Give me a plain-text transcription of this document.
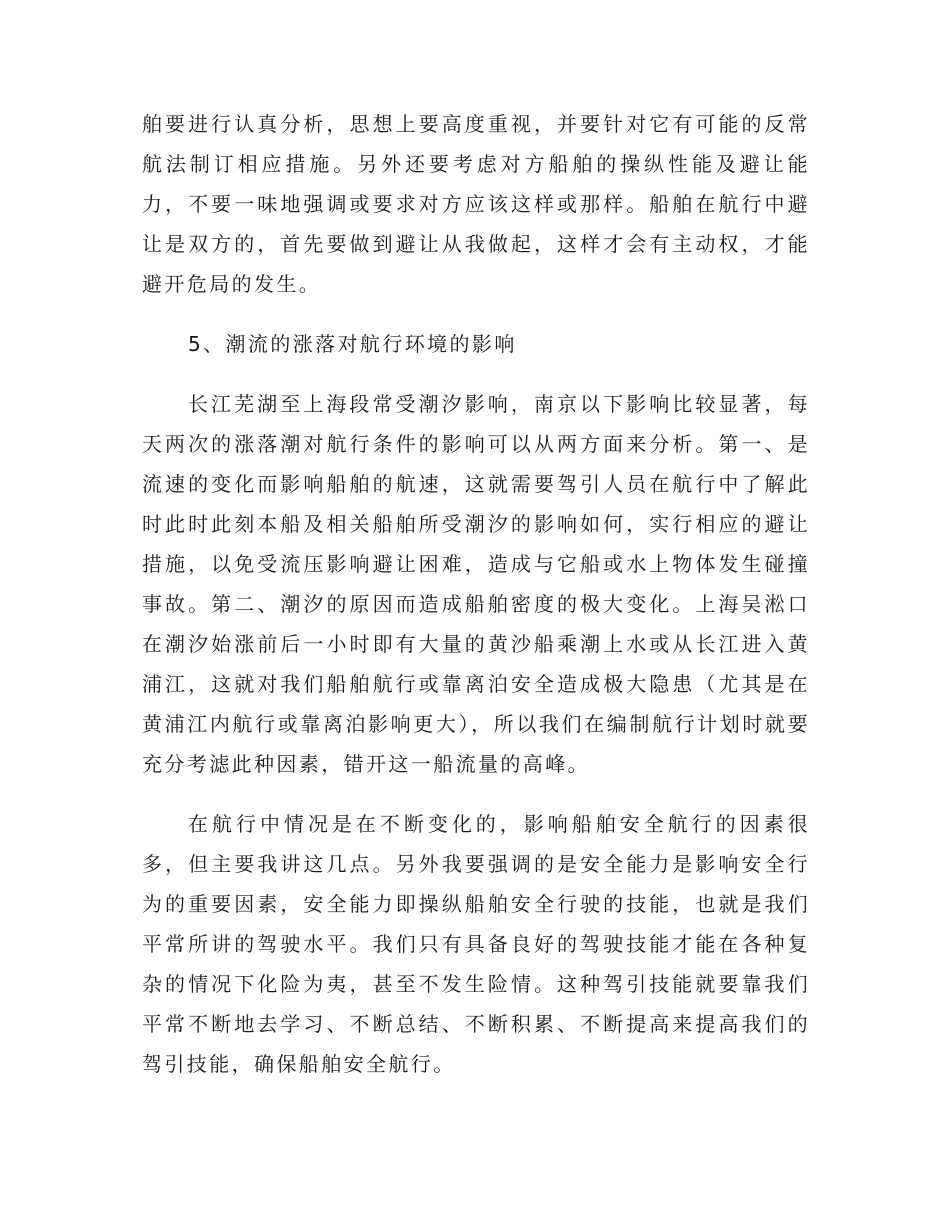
舶要进行认真分析，思想上要高度重视，并要针对它有可能的反常航法制订相应措施。另外还要考虑对方船舶的操纵性能及避让能力，不要一味地强调或要求对方应该这样或那样。船舶在航行中避让是双方的，首先要做到避让从我做起，这样才会有主动权，才能避开危局的发生。

5、潮流的涨落对航行环境的影响

长江芜湖至上海段常受潮汐影响，南京以下影响比较显著，每天两次的涨落潮对航行条件的影响可以从两方面来分析。第一、是流速的变化而影响船舶的航速，这就需要驾引人员在航行中了解此时此时此刻本船及相关船舶所受潮汐的影响如何，实行相应的避让措施，以免受流压影响避让困难，造成与它船或水上物体发生碰撞事故。第二、潮汐的原因而造成船舶密度的极大变化。上海吴淞口在潮汐始涨前后一小时即有大量的黄沙船乘潮上水或从长江进入黄浦江，这就对我们船舶航行或靠离泊安全造成极大隐患（尤其是在黄浦江内航行或靠离泊影响更大），所以我们在编制航行计划时就要充分考滤此种因素，错开这一船流量的高峰。

在航行中情况是在不断变化的，影响船舶安全航行的因素很多，但主要我讲这几点。另外我要强调的是安全能力是影响安全行为的重要因素，安全能力即操纵船舶安全行驶的技能，也就是我们平常所讲的驾驶水平。我们只有具备良好的驾驶技能才能在各种复杂的情况下化险为夷，甚至不发生险情。这种驾引技能就要靠我们平常不断地去学习、不断总结、不断积累、不断提高来提高我们的驾引技能，确保船舶安全航行。
